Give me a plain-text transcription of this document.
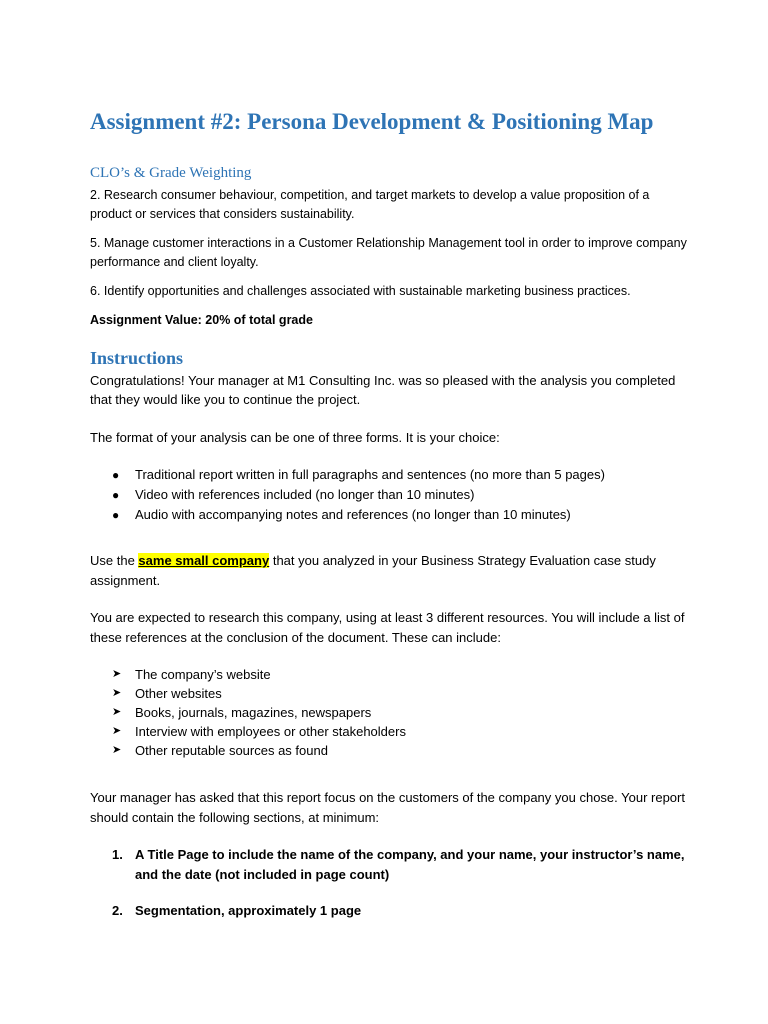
Assignment #2: Persona Development & Positioning Map
CLO’s & Grade Weighting
2. Research consumer behaviour, competition, and target markets to develop a value proposition of a product or services that considers sustainability.
5. Manage customer interactions in a Customer Relationship Management tool in order to improve company performance and client loyalty.
6. Identify opportunities and challenges associated with sustainable marketing business practices.
Assignment Value: 20% of total grade
Instructions
Congratulations! Your manager at M1 Consulting Inc. was so pleased with the analysis you completed that they would like you to continue the project.
The format of your analysis can be one of three forms. It is your choice:
● Traditional report written in full paragraphs and sentences (no more than 5 pages)
● Video with references included (no longer than 10 minutes)
● Audio with accompanying notes and references (no longer than 10 minutes)
Use the same small company that you analyzed in your Business Strategy Evaluation case study assignment.
You are expected to research this company, using at least 3 different resources. You will include a list of these references at the conclusion of the document. These can include:
➤ The company’s website
➤ Other websites
➤ Books, journals, magazines, newspapers
➤ Interview with employees or other stakeholders
➤ Other reputable sources as found
Your manager has asked that this report focus on the customers of the company you chose. Your report should contain the following sections, at minimum:
1. A Title Page to include the name of the company, and your name, your instructor’s name, and the date (not included in page count)
2. Segmentation, approximately 1 page
